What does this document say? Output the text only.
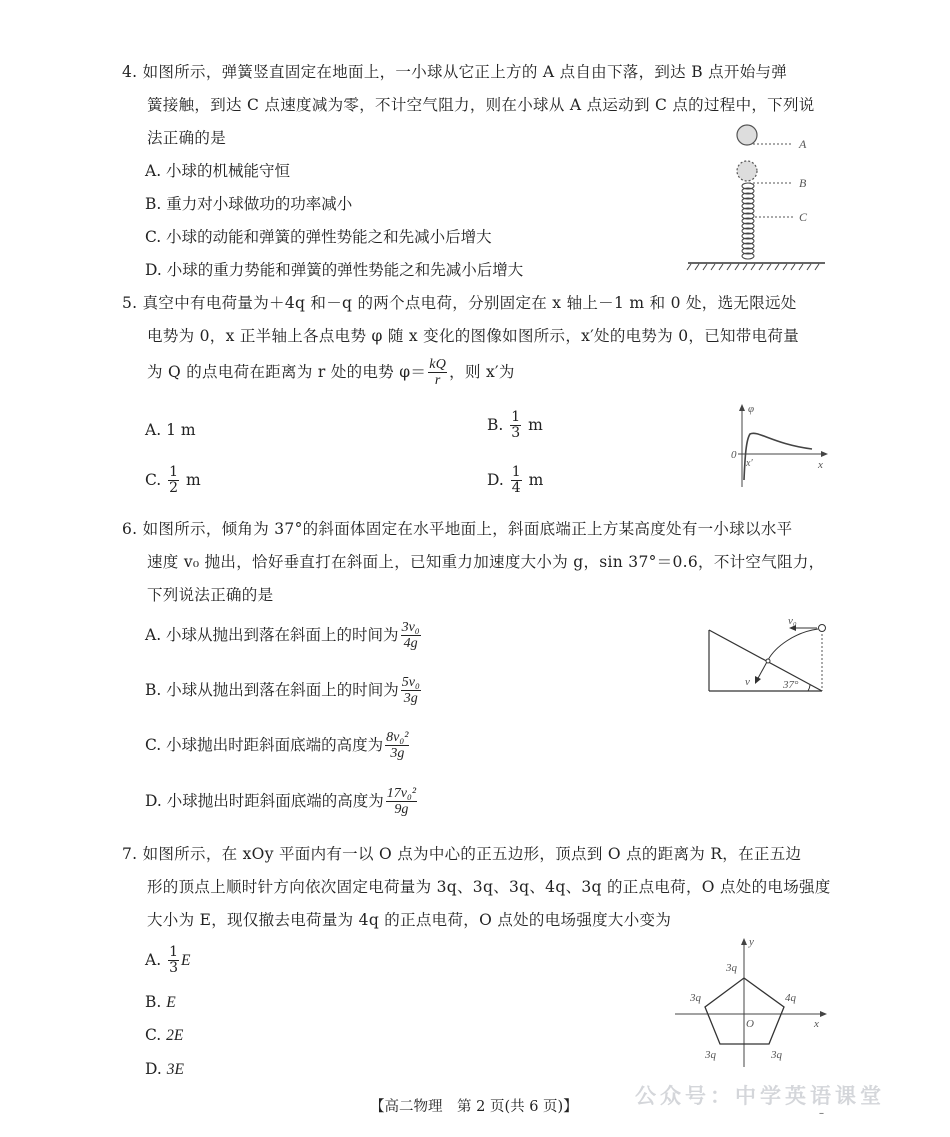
4. 如图所示，弹簧竖直固定在地面上，一小球从它正上方的 A 点自由下落，到达 B 点开始与弹
簧接触，到达 C 点速度减为零，不计空气阻力，则在小球从 A 点运动到 C 点的过程中，下列说
法正确的是
A. 小球的机械能守恒
B. 重力对小球做功的功率减小
C. 小球的动能和弹簧的弹性势能之和先减小后增大
D. 小球的重力势能和弹簧的弹性势能之和先减小后增大
A
B
C
5. 真空中有电荷量为＋4q 和－q 的两个点电荷，分别固定在 x 轴上－1 m 和 0 处，选无限远处
电势为 0，x 正半轴上各点电势 φ 随 x 变化的图像如图所示，x′处的电势为 0，已知带电荷量
为 Q 的点电荷在距离为 r 处的电势 $\varphi= \frac{kQ}{r}$ ，则 x′为
A. 1 m	B. $\frac{1}{3}$ m
C. $\frac{1}{2}$ m	D. $\frac{1}{4}$ m
φ
0
x′	x
6. 如图所示，倾角为 37°的斜面体固定在水平地面上，斜面底端正上方某高度处有一小球以水平
速度 v₀ 抛出，恰好垂直打在斜面上，已知重力加速度大小为 g，sin 37°＝0.6，不计空气阻力，
下列说法正确的是
A. 小球从抛出到落在斜面上的时间为 $\frac{\text{3v₀}}{4g}$
B. 小球从抛出到落在斜面上的时间为 $\frac{\text{5v₀}}{3g}$
C. 小球抛出时距斜面底端的高度为 $\frac{\text{8v₀²}}{3g}$
D. 小球抛出时距斜面底端的高度为 $\frac{\text{17v₀²}}{9g}$
v₀
v	37°
7. 如图所示，在 xOy 平面内有一以 O 点为中心的正五边形，顶点到 O 点的距离为 R，在正五边
形的顶点上顺时针方向依次固定电荷量为 3q、3q、3q、4q、3q 的正点电荷，O 点处的电场强度
大小为 E，现仅撤去电荷量为 4q 的正点电荷，O 点处的电场强度大小变为
A. $\frac{1}{3}$ E
B. E
C. 2E
D. 3E
y
x
O
3q
4q
3q
3q
3q
【高二物理　第 2 页(共 6 页)】	公众号：中学英语课堂
–
